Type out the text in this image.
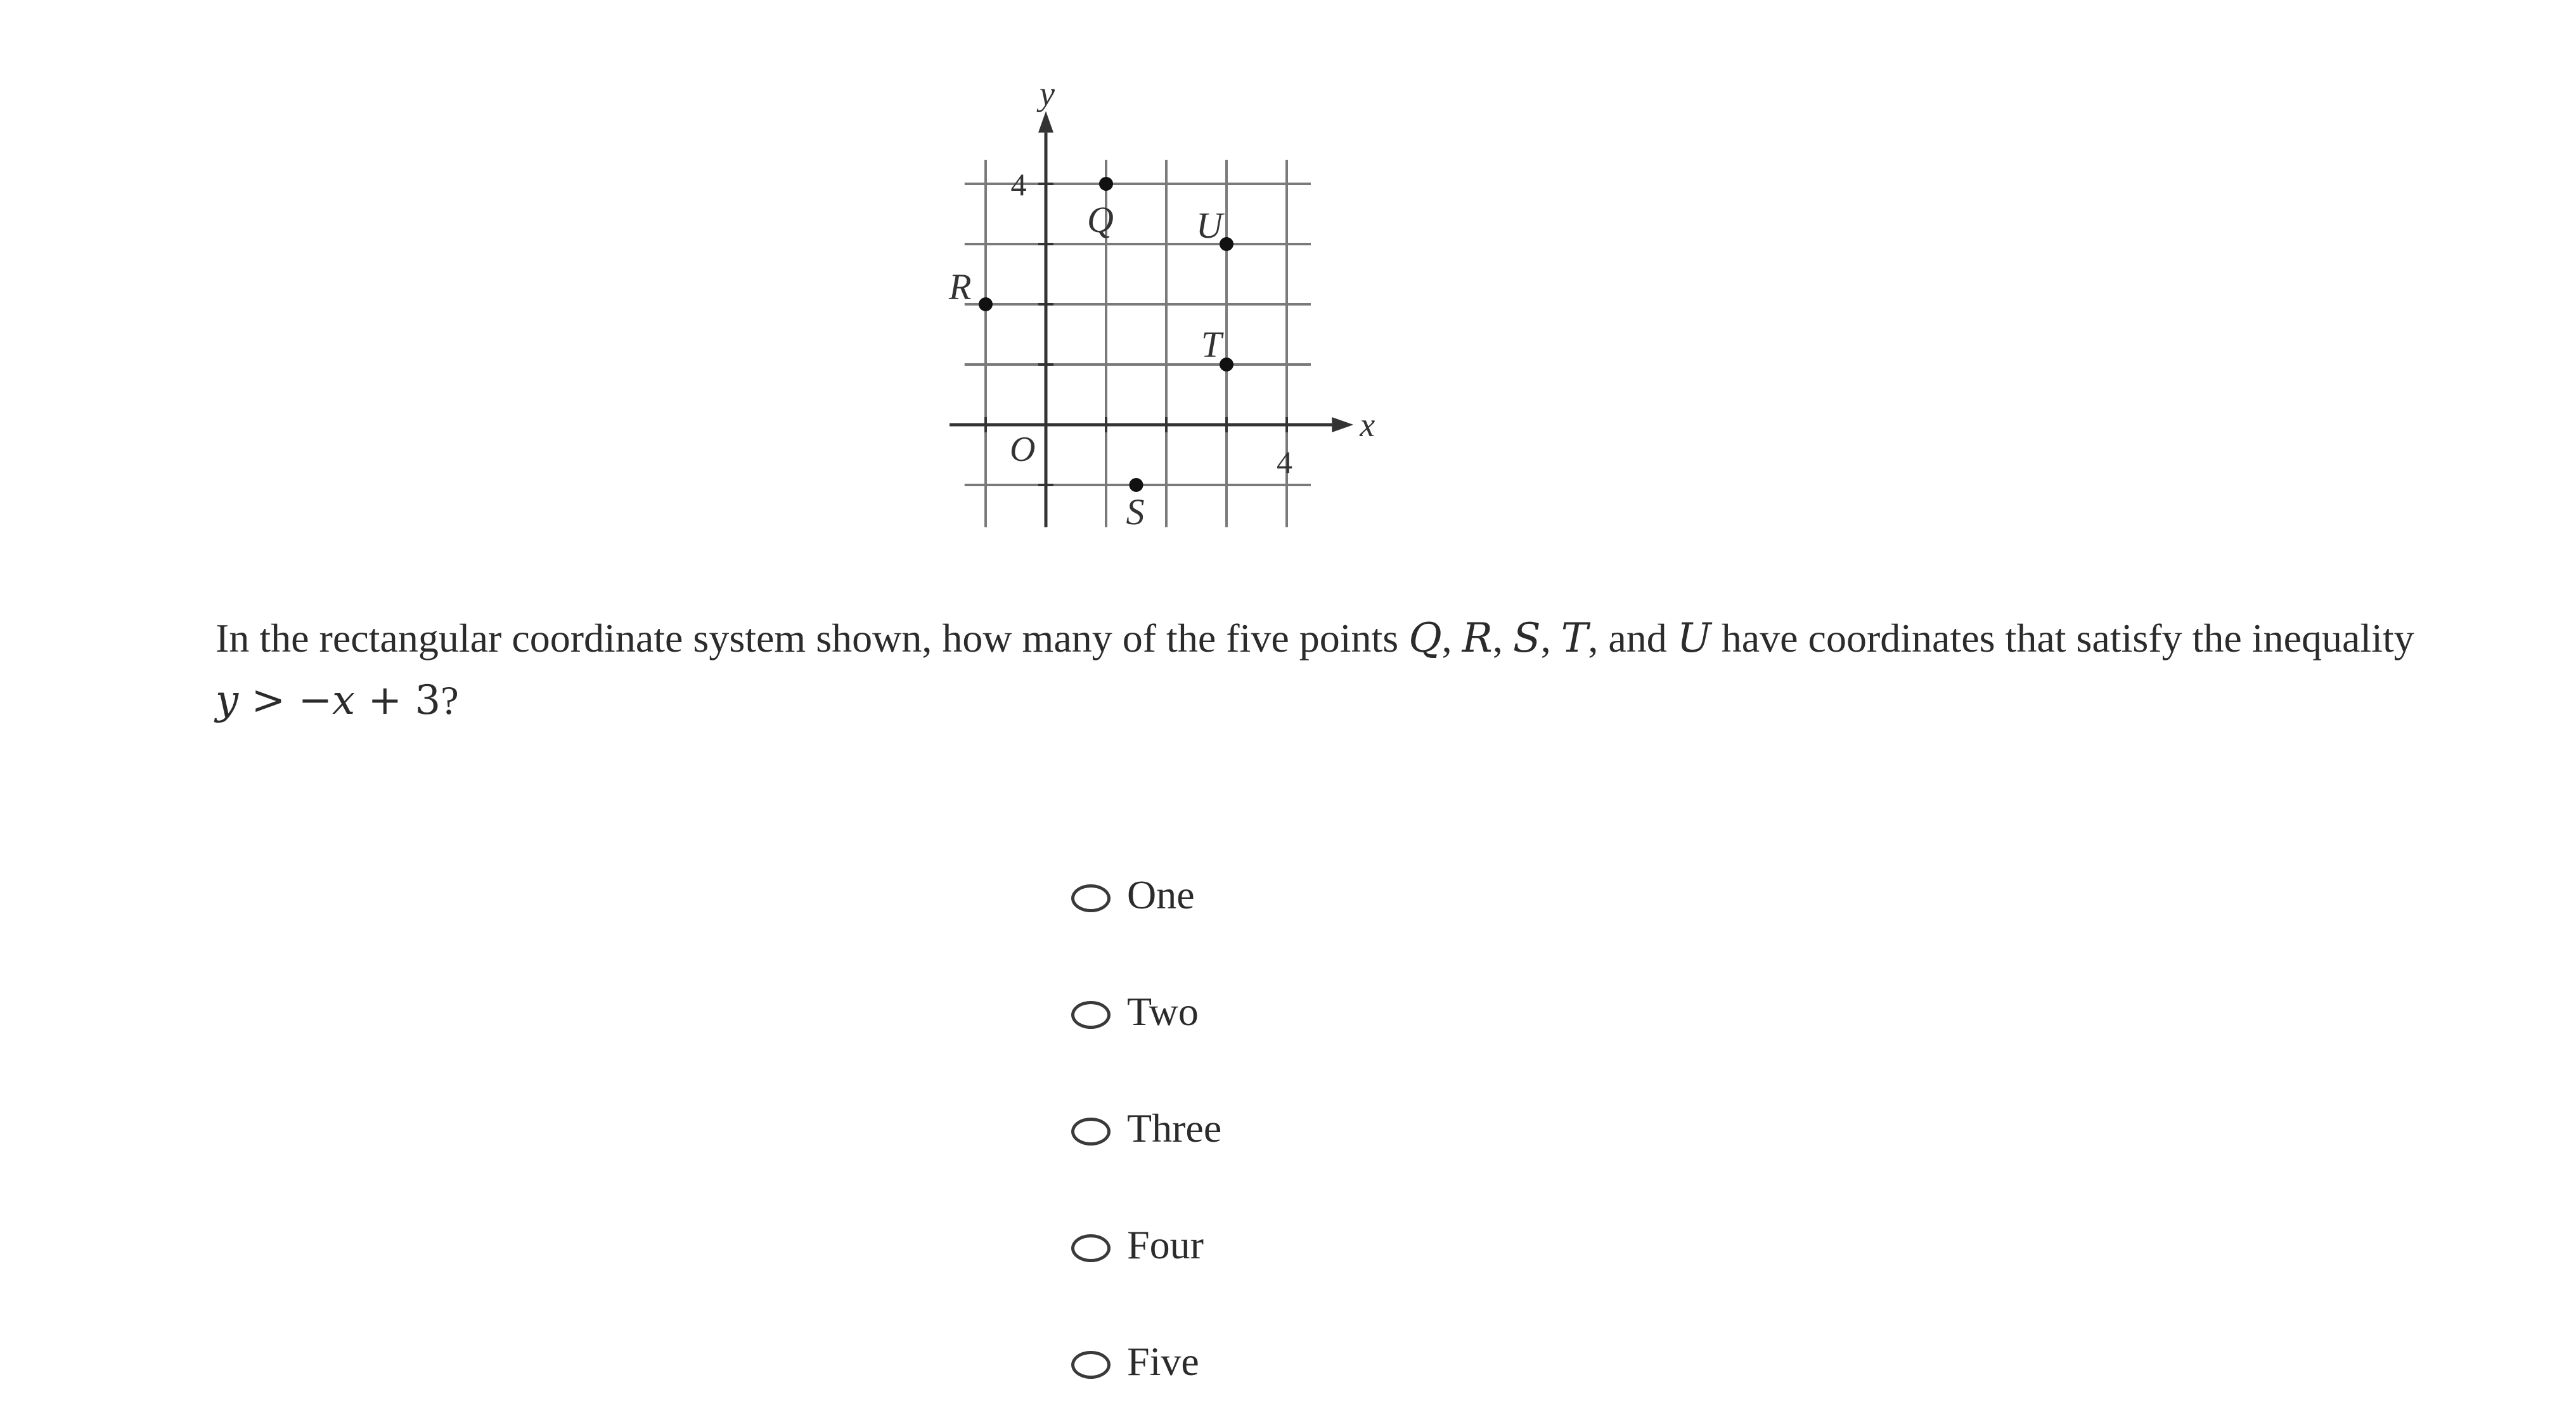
x
y
O	4
4
Q
R
S
T
U
In the rectangular coordinate system shown, how many of the five points Q, R, S, T, and U have coordinates that satisfy the inequality y > −x + 3?
One
Two
Three
Four
Five
